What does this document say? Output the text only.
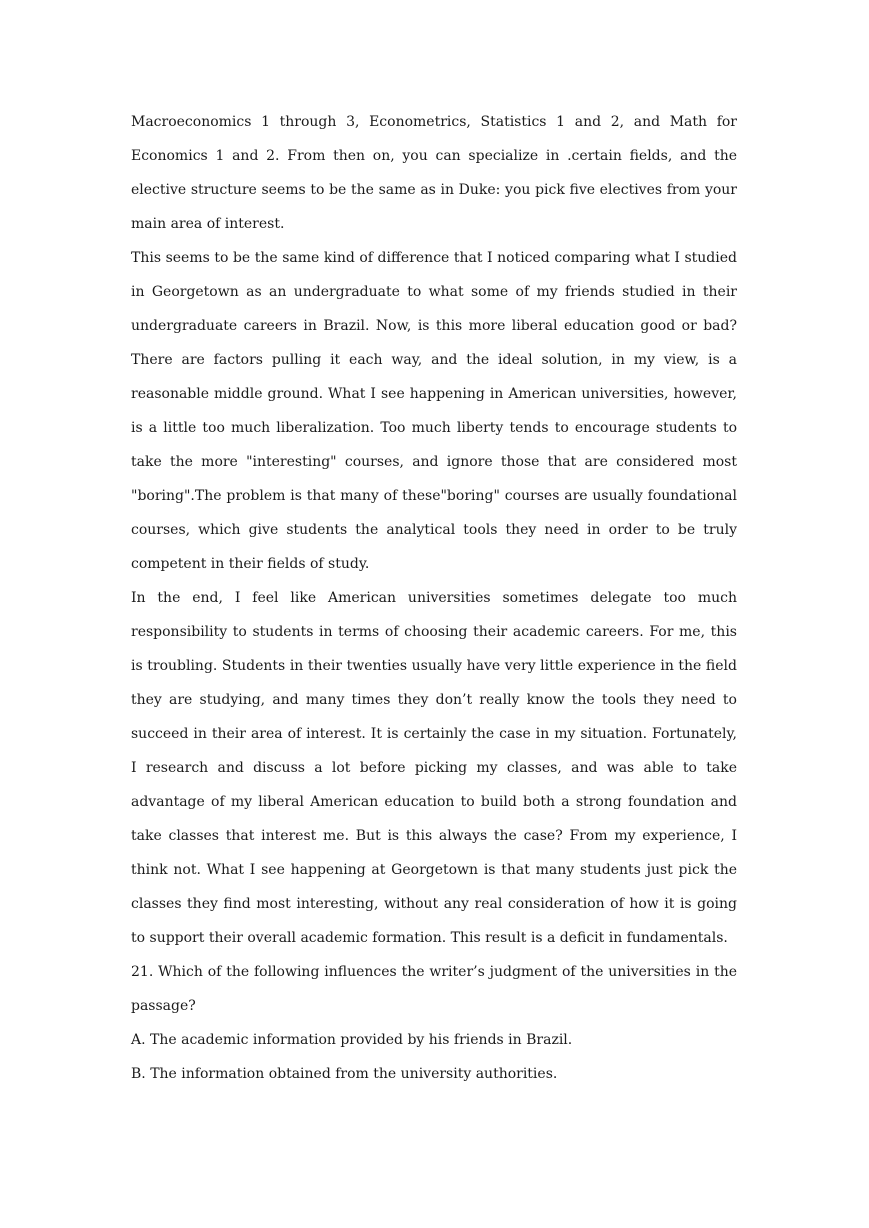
Macroeconomics 1 through 3, Econometrics, Statistics 1 and 2, and Math for Economics 1 and 2. From then on, you can specialize in .certain fields, and the elective structure seems to be the same as in Duke: you pick five electives from your main area of interest.

This seems to be the same kind of difference that I noticed comparing what I studied in Georgetown as an undergraduate to what some of my friends studied in their undergraduate careers in Brazil. Now, is this more liberal education good or bad? There are factors pulling it each way, and the ideal solution, in my view, is a reasonable middle ground. What I see happening in American universities, however, is a little too much liberalization. Too much liberty tends to encourage students to take the more "interesting" courses, and ignore those that are considered most "boring".The problem is that many of these"boring" courses are usually foundational courses, which give students the analytical tools they need in order to be truly competent in their fields of study.

In the end, I feel like American universities sometimes delegate too much responsibility to students in terms of choosing their academic careers. For me, this is troubling. Students in their twenties usually have very little experience in the field they are studying, and many times they don’t really know the tools they need to succeed in their area of interest. It is certainly the case in my situation. Fortunately, I research and discuss a lot before picking my classes, and was able to take advantage of my liberal American education to build both a strong foundation and take classes that interest me. But is this always the case? From my experience, I think not. What I see happening at Georgetown is that many students just pick the classes they find most interesting, without any real consideration of how it is going to support their overall academic formation. This result is a deficit in fundamentals.

21. Which of the following influences the writer’s judgment of the universities in the passage?

A. The academic information provided by his friends in Brazil.

B. The information obtained from the university authorities.
